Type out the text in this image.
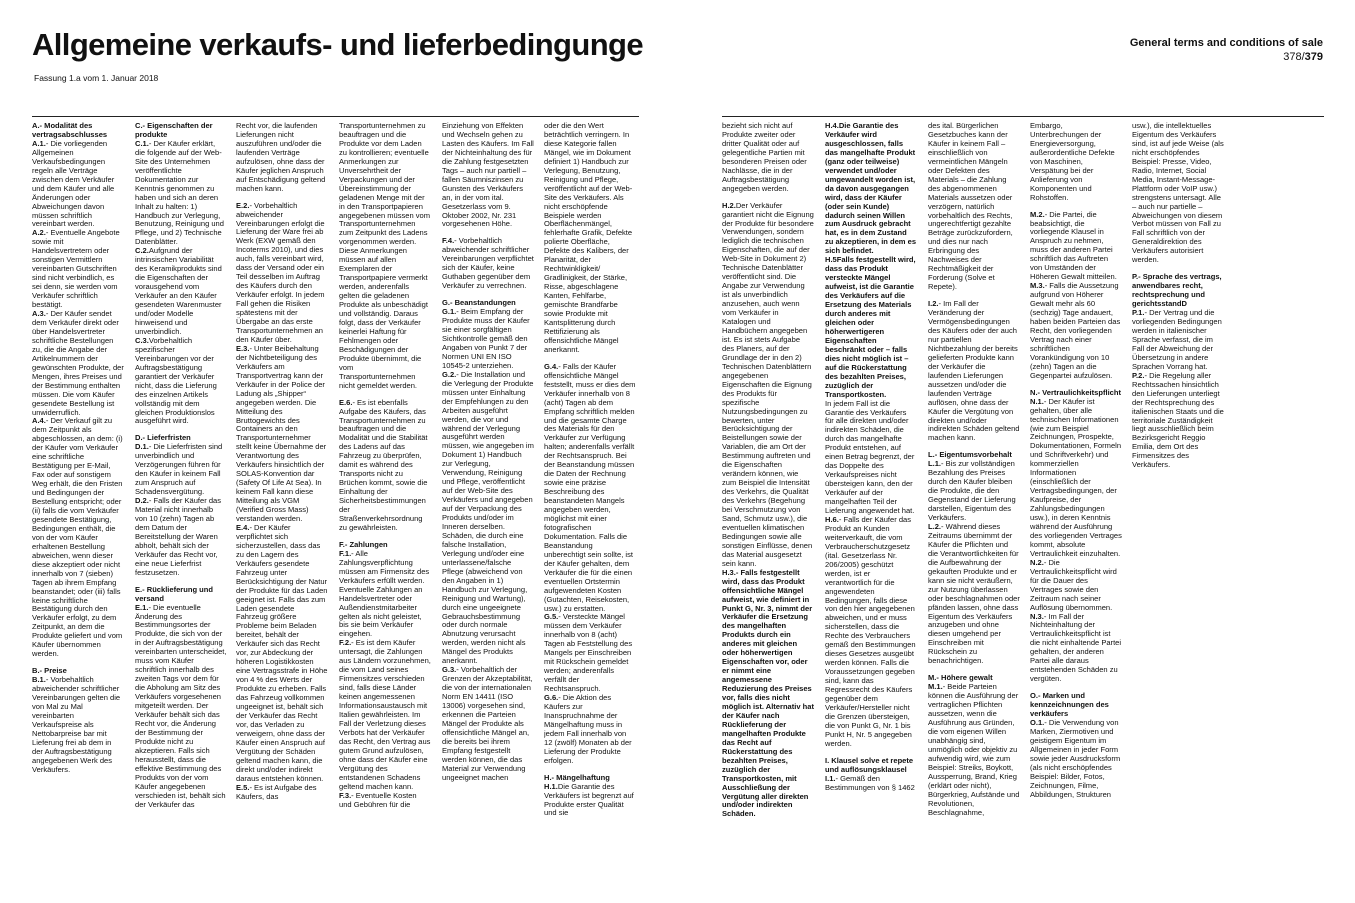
Allgemeine verkaufs- und lieferbedingunge
Fassung 1.a vom 1. Januar 2018
General terms and conditions of sale
378/379
A.- Modalität des vertragsabschlusses
A.1.- Die vorliegenden Allgemeinen Verkaufsbedingungen regeln alle Verträge zwischen dem Verkäufer und dem Käufer und alle Änderungen oder Abweichungen davon müssen schriftlich vereinbart werden.
A.2.- Eventuelle Angebote sowie mit Handelsvertretern oder sonstigen Vermittlern vereinbarten Gutschriften sind nicht verbindlich, es sei denn, sie werden vom Verkäufer schriftlich bestätigt.
A.3.- Der Käufer sendet dem Verkäufer direkt oder über Handelsvertreter schriftliche Bestellungen zu, die die Angabe der Artikelnummern der gewünschten Produkte, der Mengen, ihres Preises und der Bestimmung enthalten müssen. Die vom Käufer gesendete Bestellung ist unwiderruflich.
A.4.- Der Verkauf gilt zu dem Zeitpunkt als abgeschlossen, an dem: (i) der Käufer vom Verkäufer eine schriftliche Bestätigung per E-Mail, Fax oder auf sonstigem Weg erhält, die den Fristen und Bedingungen der Bestellung entspricht; oder (ii) falls die vom Verkäufer gesendete Bestätigung, Bedingungen enthält, die von der vom Käufer erhaltenen Bestellung abweichen, wenn dieser diese akzeptiert oder nicht innerhalb von 7 (sieben) Tagen ab ihrem Empfang beanstandet; oder (iii) falls keine schriftliche Bestätigung durch den Verkäufer erfolgt, zu dem Zeitpunkt, an dem die Produkte geliefert und vom Käufer übernommen werden.
B.- Preise
B.1.- Vorbehaltlich abweichender schriftlicher Vereinbarungen gelten die von Mal zu Mal vereinbarten Verkaufspreise als Nettobarpreise bar mit Lieferung frei ab dem in der Auftragsbestätigung angegebenen Werk des Verkäufers.
C.- Eigenschaften der produkte
C.1.- Der Käufer erklärt, die folgende auf der Web-Site des Unternehmen veröffentlichte Dokumentation zur Kenntnis genommen zu haben und sich an deren Inhalt zu halten: 1) Handbuch zur Verlegung, Benutzung, Reinigung und Pflege, und 2) Technische Datenblätter.
C.2.Aufgrund der intrinsischen Variabilität des Keramikprodukts sind die Eigenschaften der vorausgehend vom Verkäufer an den Käufer gesendeten Warenmuster und/oder Modelle hinweisend und unverbindlich.
C.3.Vorbehaltlich spezifischer Vereinbarungen vor der Auftragsbestätigung garantiert der Verkäufer nicht, dass die Lieferung des einzelnen Artikels vollständig mit dem gleichen Produktionslos ausgeführt wird.
D.- Lieferfristen
D.1.- Die Lieferfristen sind unverbindlich und Verzögerungen führen für den Käufer in keinem Fall zum Anspruch auf Schadensvergütung.
D.2.- Falls der Käufer das Material nicht innerhalb von 10 (zehn) Tagen ab dem Datum der Bereitstellung der Waren abholt, behält sich der Verkäufer das Recht vor, eine neue Lieferfrist festzusetzen.
E.- Rücklieferung und versand
E.1.- Die eventuelle Änderung des Bestimmungsortes der Produkte, die sich von der in der Auftragsbestätigung vereinbarten unterscheidet, muss vom Käufer schriftlich innerhalb des zweiten Tags vor dem für die Abholung am Sitz des Verkäufers vorgesehenen mitgeteilt werden. Der Verkäufer behält sich das Recht vor, die Änderung der Bestimmung der Produkte nicht zu akzeptieren. Falls sich herausstellt, dass die effektive Bestimmung des Produkts von der vom Käufer angegebenen verschieden ist, behält sich der Verkäufer das
Recht vor, die laufenden Lieferungen nicht auszuführen und/oder die laufenden Verträge aufzulösen, ohne dass der Käufer jeglichen Anspruch auf Entschädigung geltend machen kann.
E.2.- Vorbehaltlich abweichender Vereinbarungen erfolgt die Lieferung der Ware frei ab Werk (EXW gemäß den Incoterms 2010), und dies auch, falls vereinbart wird, dass der Versand oder ein Teil desselben im Auftrag des Käufers durch den Verkäufer erfolgt. In jedem Fall gehen die Risiken spätestens mit der Übergabe an das erste Transportunternehmen an den Käufer über.
E.3.- Unter Beibehaltung der Nichtbeteiligung des Verkäufers am Transportvertrag kann der Verkäufer in der Police der Ladung als „Shipper“ angegeben werden. Die Mitteilung des Bruttogewichts des Containers an den Transportunternehmer stellt keine Übernahme der Verantwortung des Verkäufers hinsichtlich der SOLAS-Konvention dar (Safety Of Life At Sea). In keinem Fall kann diese Mitteilung als VGM (Verified Gross Mass) verstanden werden.
E.4.- Der Käufer verpflichtet sich sicherzustellen, dass das zu den Lagern des Verkäufers gesendete Fahrzeug unter Berücksichtigung der Natur der Produkte für das Laden geeignet ist. Falls das zum Laden gesendete Fahrzeug größere Probleme beim Beladen bereitet, behält der Verkäufer sich das Recht vor, zur Abdeckung der höheren Logistikkosten eine Vertragsstrafe in Höhe von 4 % des Werts der Produkte zu erheben. Falls das Fahrzeug vollkommen ungeeignet ist, behält sich der Verkäufer das Recht vor, das Verladen zu verweigern, ohne dass der Käufer einen Anspruch auf Vergütung der Schäden geltend machen kann, die direkt und/oder indirekt daraus entstehen können.
E.5.- Es ist Aufgabe des Käufers, das
Transportunternehmen zu beauftragen und die Produkte vor dem Laden zu kontrollieren; eventuelle Anmerkungen zur Unversehrtheit der Verpackungen und der Übereinstimmung der geladenen Menge mit der in den Transportpapieren angegebenen müssen vom Transportunternehmen zum Zeitpunkt des Ladens vorgenommen werden. Diese Anmerkungen müssen auf allen Exemplaren der Transportpapiere vermerkt werden, anderenfalls gelten die geladenen Produkte als unbeschädigt und vollständig. Daraus folgt, dass der Verkäufer keinerlei Haftung für Fehlmengen oder Beschädigungen der Produkte übernimmt, die vom Transportunternehmen nicht gemeldet werden.
E.6.- Es ist ebenfalls Aufgabe des Käufers, das Transportunternehmen zu beauftragen und die Modalität und die Stabilität des Ladens auf das Fahrzeug zu überprüfen, damit es während des Transports nicht zu Brüchen kommt, sowie die Einhaltung der Sicherheitsbestimmungen der Straßenverkehrsordnung zu gewährleisten.
F.- Zahlungen
F.1.- Alle Zahlungsverpflichtung müssen am Firmensitz des Verkäufers erfüllt werden. Eventuelle Zahlungen an Handelsvertreter oder Außendienstmitarbeiter gelten als nicht geleistet, bis sie beim Verkäufer eingehen.
F.2.- Es ist dem Käufer untersagt, die Zahlungen aus Ländern vorzunehmen, die vom Land seines Firmensitzes verschieden sind, falls diese Länder keinen angemessenen Informationsaustausch mit Italien gewährleisten. Im Fall der Verletzung dieses Verbots hat der Verkäufer das Recht, den Vertrag aus gutem Grund aufzulösen, ohne dass der Käufer eine Vergütung des entstandenen Schadens geltend machen kann.
F.3.- Eventuelle Kosten und Gebühren für die
Einziehung von Effekten und Wechseln gehen zu Lasten des Käufers. Im Fall der Nichteinhaltung des für die Zahlung festgesetzten Tags – auch nur partiell – fallen Säumniszinsen zu Gunsten des Verkäufers an, in der vom ital. Gesetzerlass vom 9. Oktober 2002, Nr. 231 vorgesehenen Höhe.
F.4.- Vorbehaltlich abweichender schriftlicher Vereinbarungen verpflichtet sich der Käufer, keine Guthaben gegenüber dem Verkäufer zu verrechnen.
G.- Beanstandungen
G.1.- Beim Empfang der Produkte muss der Käufer sie einer sorgfältigen Sichtkontrolle gemäß den Angaben von Punkt 7 der Normen UNI EN ISO 10545-2 unterziehen.
G.2.- Die Installation und die Verlegung der Produkte müssen unter Einhaltung der Empfehlungen zu den Arbeiten ausgeführt werden, die vor und während der Verlegung ausgeführt werden müssen, wie angegeben im Dokument 1) Handbuch zur Verlegung, Verwendung, Reinigung und Pflege, veröffentlicht auf der Web-Site des Verkäufers und angegeben auf der Verpackung des Produkts und/oder im Inneren derselben. Schäden, die durch eine falsche Installation, Verlegung und/oder eine unterlassene/falsche Pflege (abweichend von den Angaben in 1) Handbuch zur Verlegung, Reinigung und Wartung), durch eine ungeeignete Gebrauchsbestimmung oder durch normale Abnutzung verursacht werden, werden nicht als Mängel des Produkts anerkannt.
G.3.- Vorbehaltlich der Grenzen der Akzeptabilität, die von der internationalen Norm EN 14411 (ISO 13006) vorgesehen sind, erkennen die Parteien Mängel der Produkte als offensichtliche Mängel an, die bereits bei ihrem Empfang festgestellt werden können, die das Material zur Verwendung ungeeignet machen
oder die den Wert beträchtlich verringern. In diese Kategorie fallen Mängel, wie im Dokument definiert 1) Handbuch zur Verlegung, Benutzung, Reinigung und Pflege, veröffentlicht auf der Web-Site des Verkäufers. Als nicht erschöpfende Beispiele werden Oberflächenmängel, fehlerhafte Grafik, Defekte polierte Oberfläche, Defekte des Kalibers, der Planarität, der Rechtwinkligkeit/ Gradlinigkeit, der Stärke, Risse, abgeschlagene Kanten, Fehlfarbe, gemischte Brandfarbe sowie Produkte mit Kantsplitterung durch Rettifizierung als offensichtliche Mängel anerkannt.
G.4.- Falls der Käufer offensichtliche Mängel feststellt, muss er dies dem Verkäufer innerhalb von 8 (acht) Tagen ab dem Empfang schriftlich melden und die gesamte Charge des Materials für den Verkäufer zur Verfügung halten; anderenfalls verfällt der Rechtsanspruch. Bei der Beanstandung müssen die Daten der Rechnung sowie eine präzise Beschreibung des beanstandeten Mangels angegeben werden, möglichst mit einer fotografischen Dokumentation. Falls die Beanstandung unberechtigt sein sollte, ist der Käufer gehalten, dem Verkäufer die für die einen eventuellen Ortstermin aufgewendeten Kosten (Gutachten, Reisekosten, usw.) zu erstatten.
G.5.- Versteckte Mängel müssen dem Verkäufer innerhalb von 8 (acht) Tagen ab Feststellung des Mangels per Einschreiben mit Rückschein gemeldet werden; anderenfalls verfällt der Rechtsanspruch.
G.6.- Die Aktion des Käufers zur Inanspruchnahme der Mängelhaftung muss in jedem Fall innerhalb von 12 (zwölf) Monaten ab der Lieferung der Produkte erfolgen.
H.- Mängelhaftung
H.1.Die Garantie des Verkäufers ist begrenzt auf Produkte erster Qualität und sie
bezieht sich nicht auf Produkte zweiter oder dritter Qualität oder auf gelegentliche Partien mit besonderen Preisen oder Nachlässe, die in der Auftragsbestätigung angegeben werden.
H.2.Der Verkäufer garantiert nicht die Eignung der Produkte für besondere Verwendungen, sondern lediglich die technischen Eigenschaften, die auf der Web-Site in Dokument 2) Technische Datenblätter veröffentlicht sind. Die Angabe zur Verwendung ist als unverbindlich anzusehen, auch wenn vom Verkäufer in Katalogen und Handbüchern angegeben ist. Es ist stets Aufgabe des Planers, auf der Grundlage der in den 2) Technischen Datenblättern angegebenen Eigenschaften die Eignung des Produkts für spezifische Nutzungsbedingungen zu bewerten, unter Berücksichtigung der Beistellungen sowie der Variablen, die am Ort der Bestimmung auftreten und die Eigenschaften verändern können, wie zum Beispiel die Intensität des Verkehrs, die Qualität des Verkehrs (Begehung bei Verschmutzung von Sand, Schmutz usw.), die eventuellen klimatischen Bedingungen sowie alle sonstigen Einflüsse, denen das Material ausgesetzt sein kann.
H.3.- Falls festgestellt wird, dass das Produkt offensichtliche Mängel aufweist, wie definiert in Punkt G, Nr. 3, nimmt der Verkäufer die Ersetzung des mangelhaften Produkts durch ein anderes mit gleichen oder höherwertigen Eigenschaften vor, oder er nimmt eine angemessene Reduzierung des Preises vor, falls dies nicht möglich ist. Alternativ hat der Käufer nach Rücklieferung der mangelhaften Produkte das Recht auf Rückerstattung des bezahlten Preises, zuzüglich der Transportkosten, mit Ausschließung der Vergütung aller direkten und/oder indirekten Schäden.
H.4.Die Garantie des Verkäufer wird ausgeschlossen, falls das mangelhafte Produkt (ganz oder teilweise) verwendet und/oder umgewandelt worden ist, da davon ausgegangen wird, dass der Käufer (oder sein Kunde) dadurch seinen Willen zum Ausdruck gebracht hat, es in dem Zustand zu akzeptieren, in dem es sich befindet.
H.5Falls festgestellt wird, dass das Produkt versteckte Mängel aufweist, ist die Garantie des Verkäufers auf die Ersetzung des Materials durch anderes mit gleichen oder höherwertigeren Eigenschaften beschränkt oder – falls dies nicht möglich ist – auf die Rückerstattung des bezahlten Preises, zuzüglich der Transportkosten.
In jedem Fall ist die Garantie des Verkäufers für alle direkten und/oder indirekten Schäden, die durch das mangelhafte Produkt entstehen, auf einen Betrag begrenzt, der das Doppelte des Verkaufspreises nicht übersteigen kann, den der Verkäufer auf der mangelhaften Teil der Lieferung angewendet hat.
H.6.- Falls der Käufer das Produkt an Kunden weiterverkauft, die vom Verbraucherschutzgesetz (ital. Gesetzerlass Nr. 206/2005) geschützt werden, ist er verantwortlich für die angewendeten Bedingungen, falls diese von den hier angegebenen abweichen, und er muss sicherstellen, dass die Rechte des Verbrauchers gemäß den Bestimmungen dieses Gesetzes ausgeübt werden können. Falls die Voraussetzungen gegeben sind, kann das Regressrecht des Käufers gegenüber dem Verkäufer/Hersteller nicht die Grenzen übersteigen, die von Punkt G, Nr. 1 bis Punkt H, Nr. 5 angegeben werden.
I. Klausel solve et repete und auflösungsklausel
I.1.- Gemäß den Bestimmungen von § 1462
des ital. Bürgerlichen Gesetzbuches kann der Käufer in keinem Fall – einschließlich von vermeintlichen Mängeln oder Defekten des Materials – die Zahlung des abgenommenen Materials aussetzen oder verzögern, natürlich vorbehaltlich des Rechts, ungerechtfertigt gezahlte Beträge zurückzufordern, und dies nur nach Erbringung des Nachweises der Rechtmäßigkeit der Forderung (Solve et Repete).
I.2.- Im Fall der Veränderung der Vermögensbedingungen des Käufers oder der auch nur partiellen Nichtbezahlung der bereits gelieferten Produkte kann der Verkäufer die laufenden Lieferungen aussetzen und/oder die laufenden Verträge auflösen, ohne dass der Käufer die Vergütung von direkten und/oder indirekten Schäden geltend machen kann.
L.- Eigentumsvorbehalt
L.1.- Bis zur vollständigen Bezahlung des Preises durch den Käufer bleiben die Produkte, die den Gegenstand der Lieferung darstellen, Eigentum des Verkäufers.
L.2.- Während dieses Zeitraums übernimmt der Käufer die Pflichten und die Verantwortlichkeiten für die Aufbewahrung der gekauften Produkte und er kann sie nicht veräußern, zur Nutzung überlassen oder beschlagnahmen oder pfänden lassen, ohne dass Eigentum des Verkäufers anzugeben und ohne diesen umgehend per Einschreiben mit Rückschein zu benachrichtigen.
M.- Höhere gewalt
M.1.- Beide Parteien können die Ausführung der vertraglichen Pflichten aussetzen, wenn die Ausführung aus Gründen, die vom eigenen Willen unabhängig sind, unmöglich oder objektiv zu aufwendig wird, wie zum Beispiel: Streiks, Boykott, Aussperrung, Brand, Krieg (erklärt oder nicht), Bürgerkrieg, Aufstände und Revolutionen, Beschlagnahme,
Embargo, Unterbrechungen der Energieversorgung, außerordentliche Defekte von Maschinen, Verspätung bei der Anlieferung von Komponenten und Rohstoffen.
M.2.- Die Partei, die beabsichtigt, die vorliegende Klausel in Anspruch zu nehmen, muss der anderen Partei schriftlich das Auftreten von Umständen der Höheren Gewalt mitteilen.
M.3.- Falls die Aussetzung aufgrund von Höherer Gewalt mehr als 60 (sechzig) Tage andauert, haben beiden Parteien das Recht, den vorliegenden Vertrag nach einer schriftlichen Vorankündigung von 10 (zehn) Tagen an die Gegenpartei aufzulösen.
N.- Vertraulichkeitspflicht
N.1.- Der Käufer ist gehalten, über alle technischen Informationen (wie zum Beispiel Zeichnungen, Prospekte, Dokumentationen, Formeln und Schriftverkehr) und kommerziellen Informationen (einschließlich der Vertragsbedingungen, der Kaufpreise, der Zahlungsbedingungen usw.), in deren Kenntnis während der Ausführung des vorliegenden Vertrages kommt, absolute Vertraulichkeit einzuhalten.
N.2.- Die Vertraulichkeitspflicht wird für die Dauer des Vertrages sowie den Zeitraum nach seiner Auflösung übernommen.
N.3.- Im Fall der Nichteinhaltung der Vertraulichkeitspflicht ist die nicht einhaltende Partei gehalten, der anderen Partei alle daraus entstehenden Schäden zu vergüten.
O.- Marken und kennzeichnungen des verkäufers
O.1.- Die Verwendung von Marken, Ziermotiven und geistigem Eigentum im Allgemeinen in jeder Form sowie jeder Ausdrucksform (als nicht erschöpfendes Beispiel: Bilder, Fotos, Zeichnungen, Filme, Abbildungen, Strukturen
usw.), die intellektuelles Eigentum des Verkäufers sind, ist auf jede Weise (als nicht erschöpfendes Beispiel: Presse, Video, Radio, Internet, Social Media, Instant-Message-Plattform oder VoIP usw.) strengstens untersagt. Alle – auch nur partielle – Abweichungen von diesem Verbot müssen von Fall zu Fall schriftlich von der Generaldirektion des Verkäufers autorisiert werden.
P.- Sprache des vertrags, anwendbares recht, rechtsprechung und gerichtsstandD
P.1.- Der Vertrag und die vorliegenden Bedingungen werden in italienischer Sprache verfasst, die im Fall der Abweichung der Übersetzung in andere Sprachen Vorrang hat.
P.2.- Die Regelung aller Rechtssachen hinsichtlich den Lieferungen unterliegt der Rechtsprechung des italienischen Staats und die territoriale Zuständigkeit liegt ausschließlich beim Bezirksgericht Reggio Emilia, dem Ort des Firmensitzes des Verkäufers.
